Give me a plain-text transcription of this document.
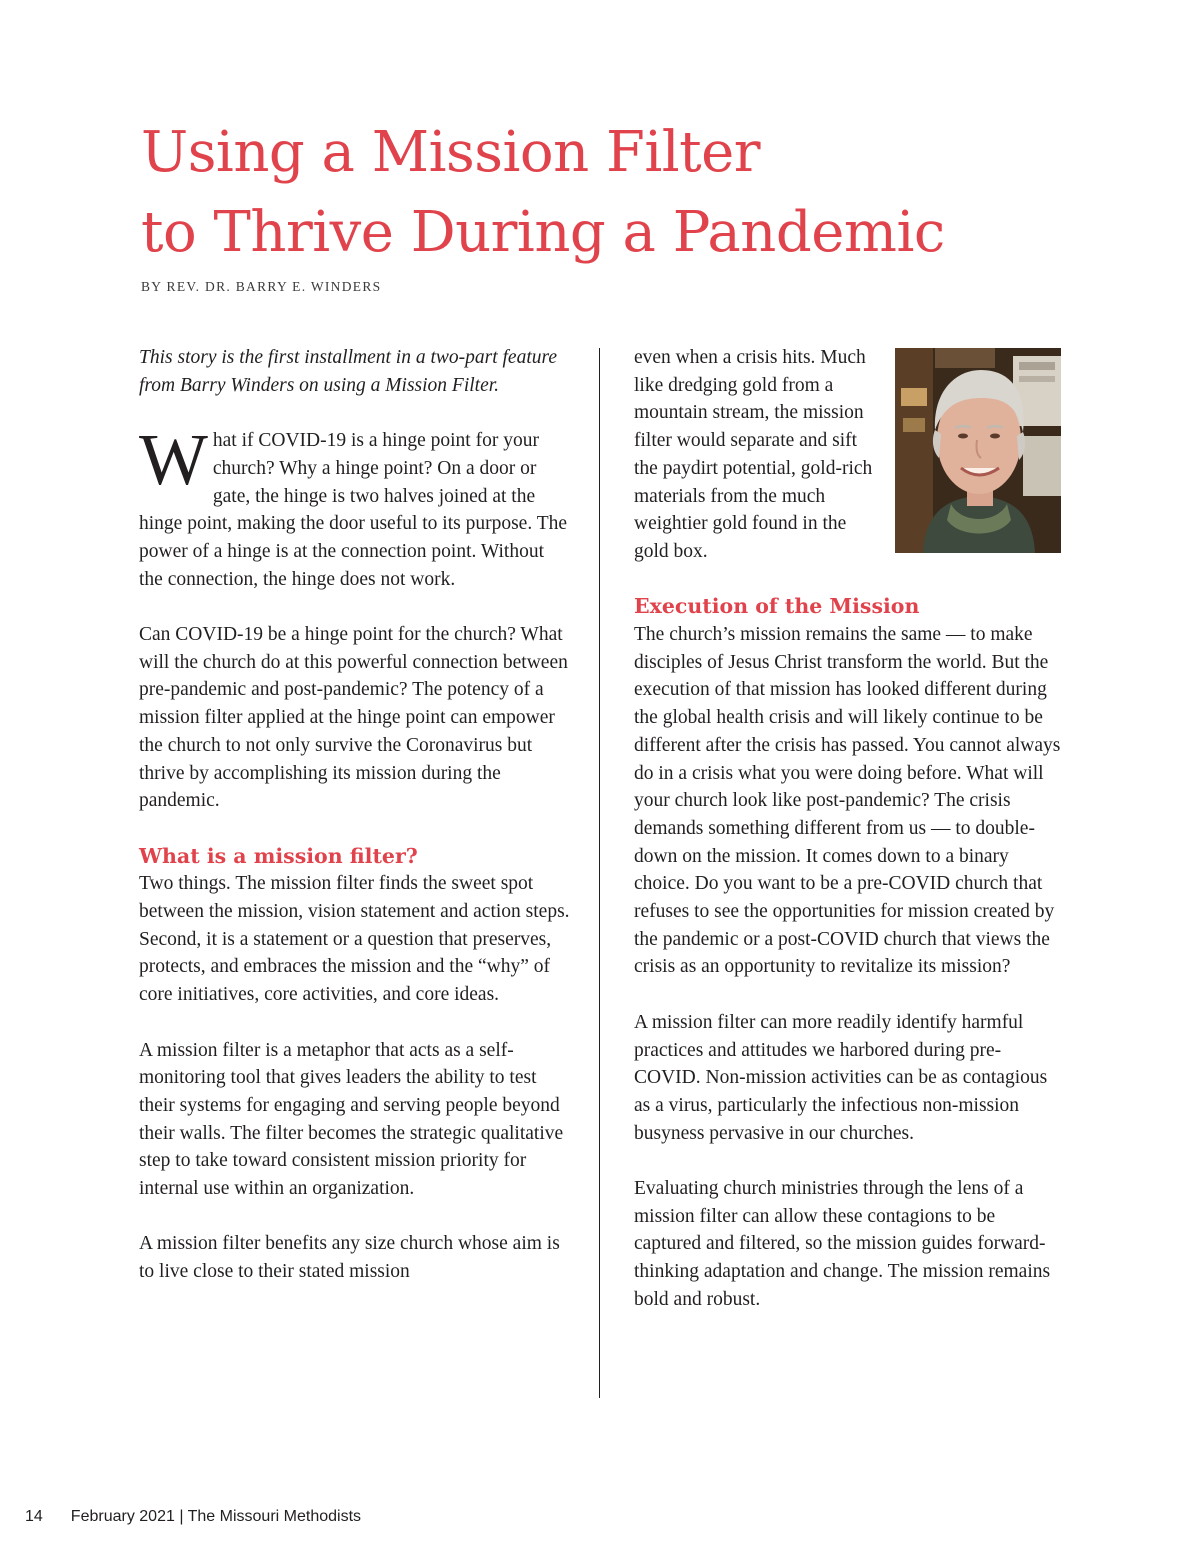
Using a Mission Filter
to Thrive During a Pandemic
BY REV. DR. BARRY E. WINDERS

This story is the first installment in a two-part feature from Barry Winders on using a Mission Filter.

What if COVID-19 is a hinge point for your church? Why a hinge point? On a door or gate, the hinge is two halves joined at the hinge point, making the door useful to its purpose. The power of a hinge is at the connection point. Without the connection, the hinge does not work.

Can COVID-19 be a hinge point for the church? What will the church do at this powerful connection between pre-pandemic and post-pandemic? The potency of a mission filter applied at the hinge point can empower the church to not only survive the Coronavirus but thrive by accomplishing its mission during the pandemic.

What is a mission filter?

Two things. The mission filter finds the sweet spot between the mission, vision statement and action steps. Second, it is a statement or a question that preserves, protects, and embraces the mission and the “why” of core initiatives, core activities, and core ideas.

A mission filter is a metaphor that acts as a self-monitoring tool that gives leaders the ability to test their systems for engaging and serving people beyond their walls. The filter becomes the strategic qualitative step to take toward consistent mission priority for internal use within an organization.

A mission filter benefits any size church whose aim is to live close to their stated mission

even when a crisis hits. Much like dredging gold from a mountain stream, the mission filter would separate and sift the paydirt potential, gold-rich materials from the much weightier gold found in the gold box.

Execution of the Mission

The church’s mission remains the same — to make disciples of Jesus Christ transform the world. But the execution of that mission has looked different during the global health crisis and will likely continue to be different after the crisis has passed. You cannot always do in a crisis what you were doing before. What will your church look like post-pandemic? The crisis demands something different from us — to double-down on the mission. It comes down to a binary choice. Do you want to be a pre-COVID church that refuses to see the opportunities for mission created by the pandemic or a post-COVID church that views the crisis as an opportunity to revitalize its mission?

A mission filter can more readily identify harmful practices and attitudes we harbored during pre-COVID. Non-mission activities can be as contagious as a virus, particularly the infectious non-mission busyness pervasive in our churches.

Evaluating church ministries through the lens of a mission filter can allow these contagions to be captured and filtered, so the mission guides forward-thinking adaptation and change. The mission remains bold and robust.

14 February 2021 | The Missouri Methodists
